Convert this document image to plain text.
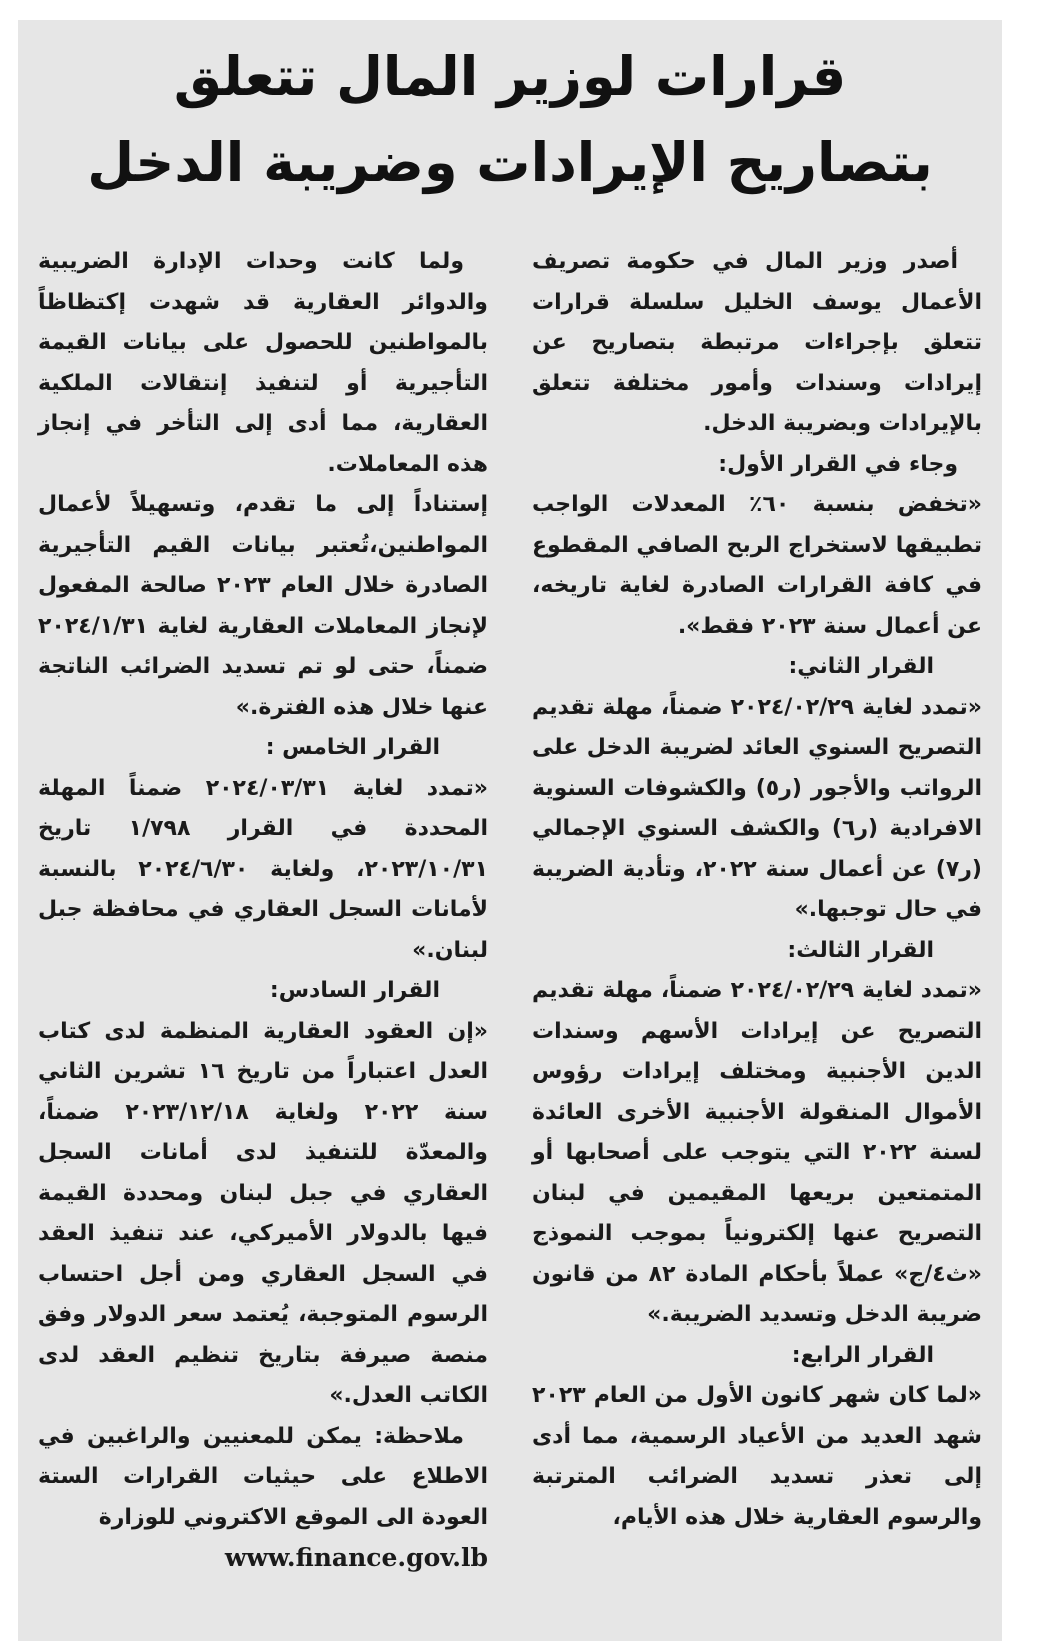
قرارات لوزير المال تتعلق
بتصاريح الإيرادات وضريبة الدخل

أصدر وزير المال في حكومة تصريف الأعمال يوسف الخليل سلسلة قرارات تتعلق بإجراءات مرتبطة بتصاريح عن إيرادات وسندات وأمور مختلفة تتعلق بالإيرادات وبضريبة الدخل.

وجاء في القرار الأول:

«تخفض بنسبة ٦٠٪ المعدلات الواجب تطبيقها لاستخراج الربح الصافي المقطوع في كافة القرارات الصادرة لغاية تاريخه، عن أعمال سنة ٢٠٢٣ فقط».

القرار الثاني:

«تمدد لغاية ٢٠٢٤/٠٢/٢٩ ضمناً، مهلة تقديم التصريح السنوي العائد لضريبة الدخل على الرواتب والأجور (ر٥) والكشوفات السنوية الافرادية (ر٦) والكشف السنوي الإجمالي (ر٧) عن أعمال سنة ٢٠٢٢، وتأدية الضريبة في حال توجبها.»

القرار الثالث:

«تمدد لغاية ٢٠٢٤/٠٢/٢٩ ضمناً، مهلة تقديم التصريح عن إيرادات الأسهم وسندات الدين الأجنبية ومختلف إيرادات رؤوس الأموال المنقولة الأجنبية الأخرى العائدة لسنة ٢٠٢٢ التي يتوجب على أصحابها أو المتمتعين بريعها المقيمين في لبنان التصريح عنها إلكترونياً بموجب النموذج «ث٤/ج» عملاً بأحكام المادة ٨٢ من قانون ضريبة الدخل وتسديد الضريبة.»

القرار الرابع:

«لما كان شهر كانون الأول من العام ٢٠٢٣ شهد العديد من الأعياد الرسمية، مما أدى إلى تعذر تسديد الضرائب المترتبة والرسوم العقارية خلال هذه الأيام،

ولما كانت وحدات الإدارة الضريبية والدوائر العقارية قد شهدت إكتظاظاً بالمواطنين للحصول على بيانات القيمة التأجيرية أو لتنفيذ إنتقالات الملكية العقارية، مما أدى إلى التأخر في إنجاز هذه المعاملات.

إستناداً إلى ما تقدم، وتسهيلاً لأعمال المواطنين،تُعتبر بيانات القيم التأجيرية الصادرة خلال العام ٢٠٢٣ صالحة المفعول لإنجاز المعاملات العقارية لغاية ٢٠٢٤/١/٣١ ضمناً، حتى لو تم تسديد الضرائب الناتجة عنها خلال هذه الفترة.»

القرار الخامس :

«تمدد لغاية ٢٠٢٤/٠٣/٣١ ضمناً المهلة المحددة في القرار ١/٧٩٨ تاريخ ٢٠٢٣/١٠/٣١، ولغاية ٢٠٢٤/٦/٣٠ بالنسبة لأمانات السجل العقاري في محافظة جبل لبنان.»

القرار السادس:

«إن العقود العقارية المنظمة لدى كتاب العدل اعتباراً من تاريخ ١٦ تشرين الثاني سنة ٢٠٢٢ ولغاية ٢٠٢٣/١٢/١٨ ضمناً، والمعدّة للتنفيذ لدى أمانات السجل العقاري في جبل لبنان ومحددة القيمة فيها بالدولار الأميركي، عند تنفيذ العقد في السجل العقاري ومن أجل احتساب الرسوم المتوجبة، يُعتمد سعر الدولار وفق منصة صيرفة بتاريخ تنظيم العقد لدى الكاتب العدل.»

ملاحظة: يمكن للمعنيين والراغبين في الاطلاع على حيثيات القرارات الستة العودة الى الموقع الاكتروني للوزارة

www.finance.gov.lb
